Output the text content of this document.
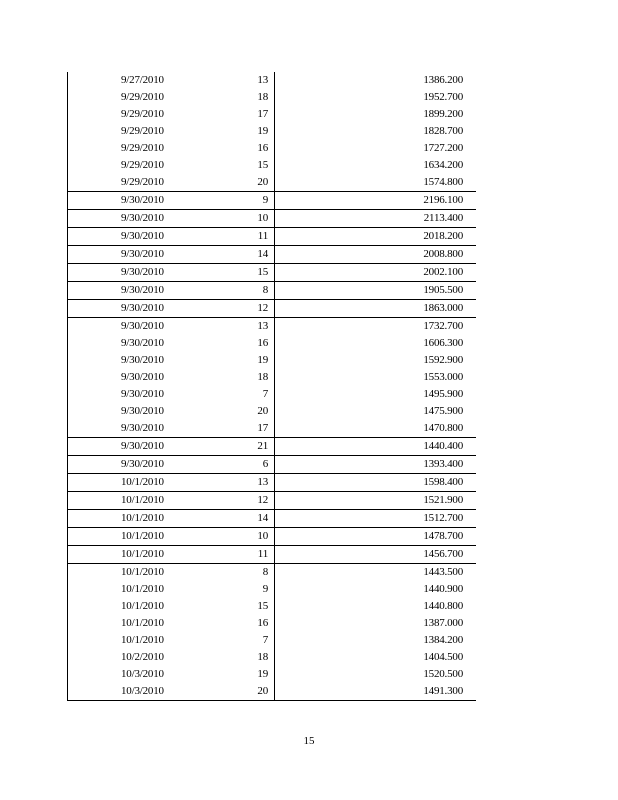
9/27/2010	13	1386.200
9/29/2010	18	1952.700
9/29/2010	17	1899.200
9/29/2010	19	1828.700
9/29/2010	16	1727.200
9/29/2010	15	1634.200
9/29/2010	20	1574.800
9/30/2010	9	2196.100
9/30/2010	10	2113.400
9/30/2010	11	2018.200
9/30/2010	14	2008.800
9/30/2010	15	2002.100
9/30/2010	8	1905.500
9/30/2010	12	1863.000
9/30/2010	13	1732.700
9/30/2010	16	1606.300
9/30/2010	19	1592.900
9/30/2010	18	1553.000
9/30/2010	7	1495.900
9/30/2010	20	1475.900
9/30/2010	17	1470.800
9/30/2010	21	1440.400
9/30/2010	6	1393.400
10/1/2010	13	1598.400
10/1/2010	12	1521.900
10/1/2010	14	1512.700
10/1/2010	10	1478.700
10/1/2010	11	1456.700
10/1/2010	8	1443.500
10/1/2010	9	1440.900
10/1/2010	15	1440.800
10/1/2010	16	1387.000
10/1/2010	7	1384.200
10/2/2010	18	1404.500
10/3/2010	19	1520.500
10/3/2010	20	1491.300
15
